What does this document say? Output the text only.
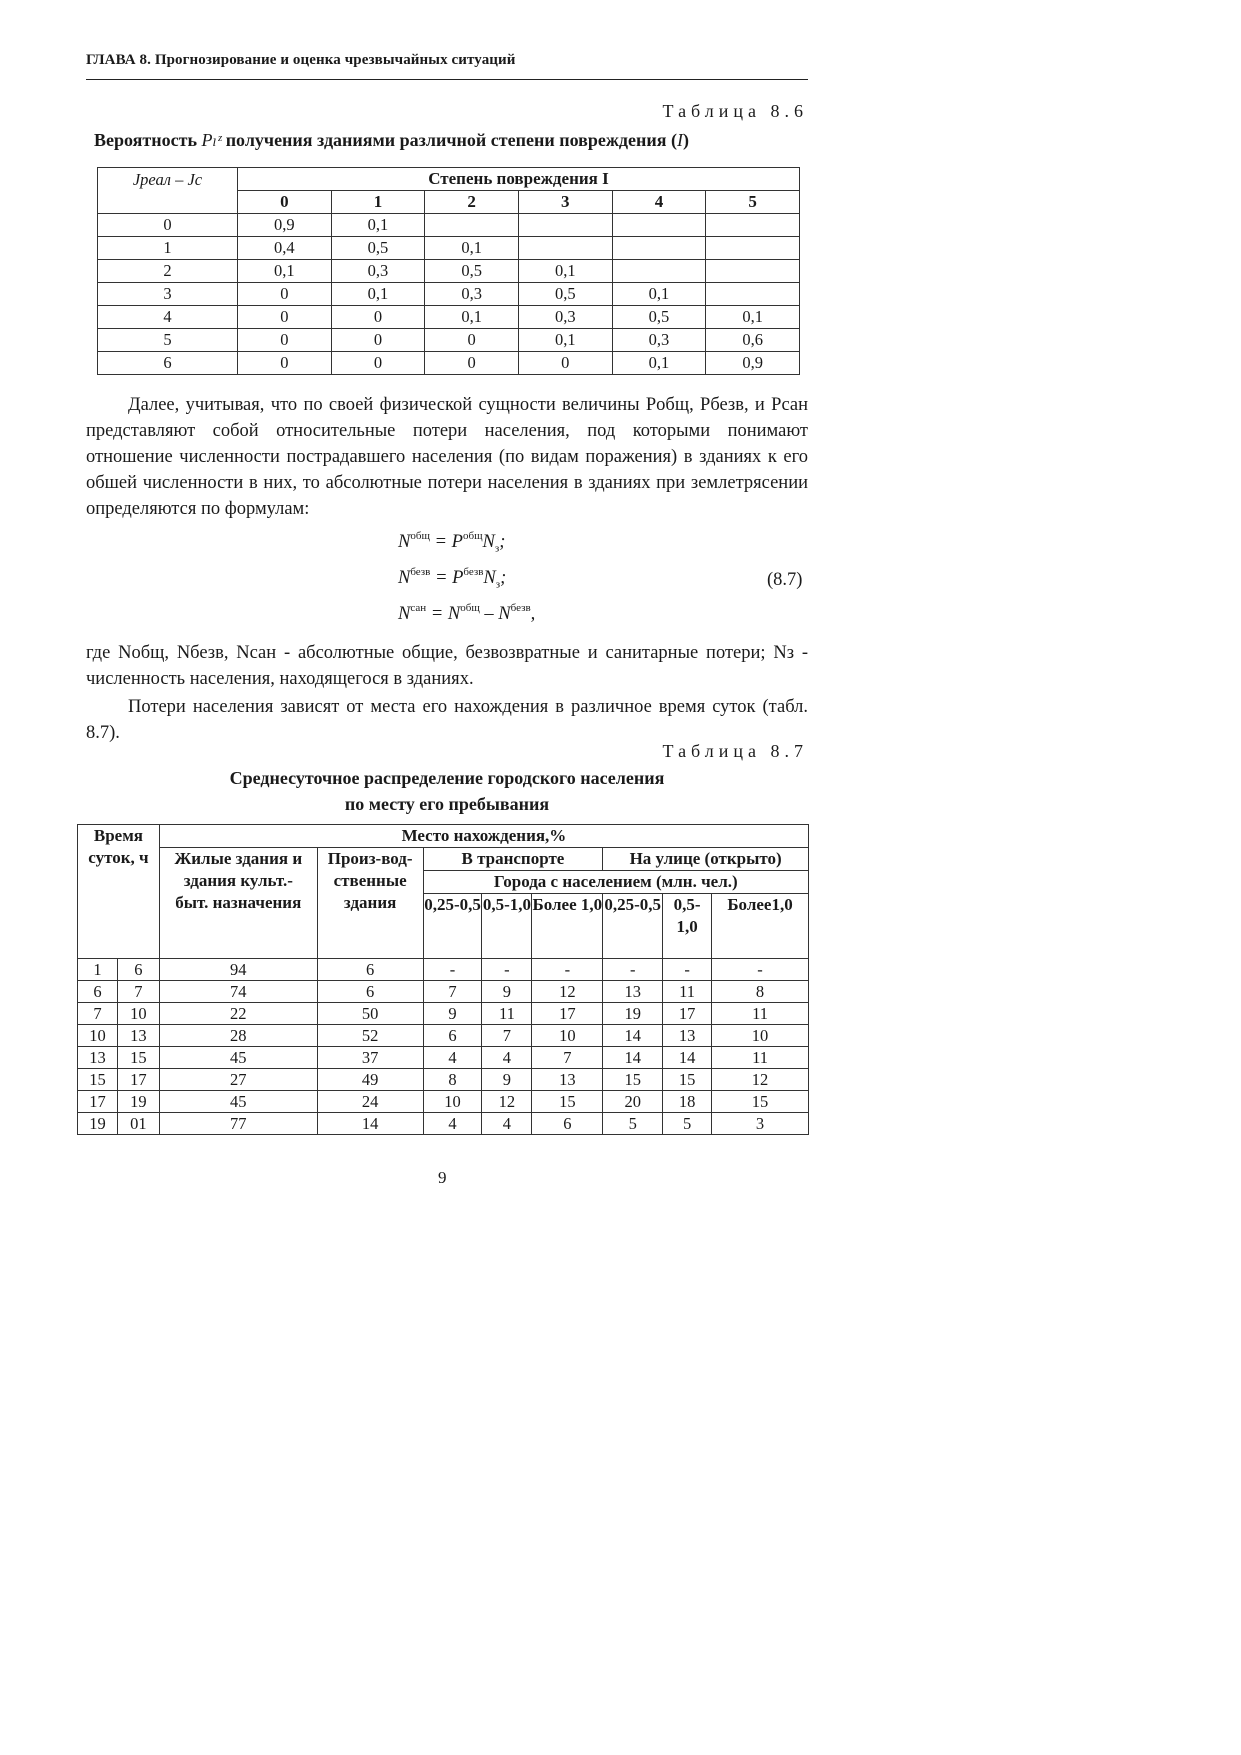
ГЛАВА 8. Прогнозирование и оценка чрезвычайных ситуаций
Таблица 8.6
Вероятность Pₗᶻ получения зданиями различной степени повреждения (I)
Jреал – Jс	Степень повреждения I					
	0	1	2	3	4	5
0	0,9	0,1				
1	0,4	0,5	0,1			
2	0,1	0,3	0,5	0,1		
3	0	0,1	0,3	0,5	0,1	
4	0	0	0,1	0,3	0,5	0,1
5	0	0	0	0,1	0,3	0,6
6	0	0	0	0	0,1	0,9
Далее, учитывая, что по своей физической сущности величины Pобщ, Pбезв, и Pсан представляют собой относительные потери населения, под которыми понимают отношение численности пострадавшего населения (по видам поражения) в зданиях к его обшей численности в них, то абсолютные потери населения в зданиях при землетрясении определяются по формулам:
$N^{общ} = P^{общ}N_з$;
$N^{безв} = P^{безв}N_з$;
$N^{сан} = N^{общ} - N^{безв}$,
(8.7)
где Nобщ, Nбезв, Nсан - абсолютные общие, безвозвратные и санитарные потери; Nз - численность населения, находящегося в зданиях.
Потери населения зависят от места его нахождения в различное время суток (табл. 8.7).
Таблица 8.7
Среднесуточное распределение городского населения
по месту его пребывания
Время суток, ч		Место нахождения,%							
		Жилые здания и здания культ.-быт. назначения	Произ-вод-ственные здания	В транспорте			На улице (открыто)		
				Города с населением (млн. чел.)					
				0,25-0,5	0,5-1,0	Более 1,0	0,25-0,5	0,5-1,0	Более1,0
1	6	94	6	-	-	-	-	-	-
6	7	74	6	7	9	12	13	11	8
7	10	22	50	9	11	17	19	17	11
10	13	28	52	6	7	10	14	13	10
13	15	45	37	4	4	7	14	14	11
15	17	27	49	8	9	13	15	15	12
17	19	45	24	10	12	15	20	18	15
19	01	77	14	4	4	6	5	5	3
9
